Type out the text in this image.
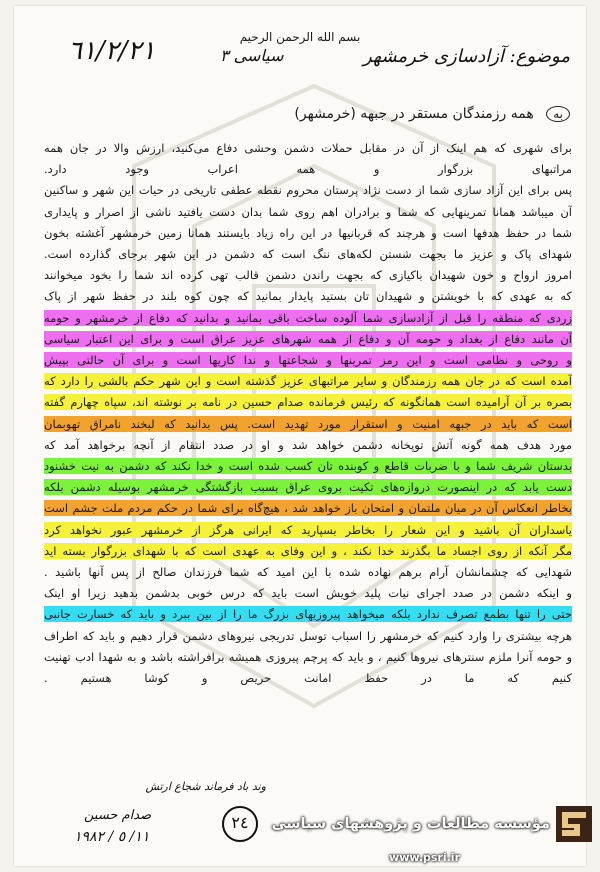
بسم الله الرحمن الرحیم
٦١/٢/٢١	سیاسی ٣	موضوع: آزادسازی خرمشهر
به همه رزمندگان مستقر در جبهه (خرمشهر)
برای شهری که هم اینک از آن در مقابل حملات دشمن وحشی دفاع می‌کنید، ارزش والا در جان همه
مراتبهای بزرگوار و همه اعراب وجود دارد.
پس برای این آزاد سازی شما از دست نژاد پرستان محروم نقطه عطفی تاریخی در حیات این شهر و ساکنین
آن میباشد همانا تمرینهایی که شما و برادران اهم روی شما بدان دست یافتید ناشی از اصرار و پایداری
شما در حفظ هدفها است و هرچند که قربانیها در این راه زیاد بایستند همانا زمین خرمشهر آغشته بخون
شهدای پاک و عزیز ما بجهت شستن لکه‌های ننگ است که دشمن در این شهر برجای گذارده است.
امروز ارواح و خون شهیدان باکیازی که بجهت راندن دشمن قالب تهی کرده اند شما را بخود میخوانند
که به عهدی که با خویشتن و شهیدان تان بستید پایدار بمانید که چون کوه بلند در حفظ شهر از پاک
زردی که منطقه را قبل از آزادسازی شما آلوده ساخت باقی بمانید و بدانید که دفاع از خرمشهر و حومه
آن مانند دفاع از بغداد و حومه آن و دفاع از همه شهرهای عزیز عراق است و برای این اعتبار سیاسی
و روحی و نظامی است و این رمز تمرینها و شجاعتها و ندا کاریها است و برای آن حالتی بپیش
آمده است که در جان همه رزمندگان و سایر مراتبهای عزیز گذشته است و این شهر حکم بالشی را دارد که
بصره بر آن آرامیده است همانگونه که رئیس فرمانده صدام حسین در نامه بر نوشته اند، سپاه چهارم گفته
است که باید در جبهه امنیت و استقرار مورد تهدید است. پس بدانید که لبخند نامراق تهوبمان
مورد هدف همه گونه آتش توپخانه دشمن خواهد شد و او در صدد انتقام از آنچه برخواهد آمد که
بدستان شریف شما و با ضربات قاطع و کوبنده تان کسب شده است و خدا نکند که دشمن به نیت خشنود
دست یابد که در اینصورت دروازه‌های تکیت بروی عراق بسبب بازگشتگی خرمشهر بوسیله دشمن بلکه
بخاطر انعکاس آن در میان ملتمان و امتحان باز خواهد شد ، هیچ‌گاه برای شما در حکم مردم ملت جشم است
یاسداران آن باشید و این شعار را بخاطر بسپارید که ایرانی هرگز از خرمشهر عبور نخواهد کرد
مگر آنکه از روی اجساد ما بگذرند خدا نکند ، و این وفای به عهدی است که با شهدای بزرگوار بسته اید
شهدایی که چشمانشان آرام برهم نهاده شده با این امید که شما فرزندان صالح از پس آنها باشید .
و اینکه دشمن در صدد اجرای نیات پلید خویش است باید که درس خوبی بدشمن بدهید زیرا او اینک
حتی را تنها بطمع تصرف ندارد بلکه میخواهد پیروزیهای بزرگ ما را از بین ببرد و باید که خسارت جانبی
هرچه بیشتری را وارد کنیم که خرمشهر را اسباب توسل تدریجی نیروهای دشمن قرار دهیم و باید که اطراف
و حومه آنرا ملزم سنترهای نیروها کنیم ، و باید که پرچم پیروزی همیشه برافراشته باشد و به شهدا ادب تهنیت
کنیم که ما در حفظ امانت حریص و کوشا هستیم .
وند باد فرماند شجاع ارتش
٢٤
صدام حسین
١١/ ٥ / ١٩٨٢
مؤسسه مطالعات و پژوهشهای سیاسی
www.psri.ir
